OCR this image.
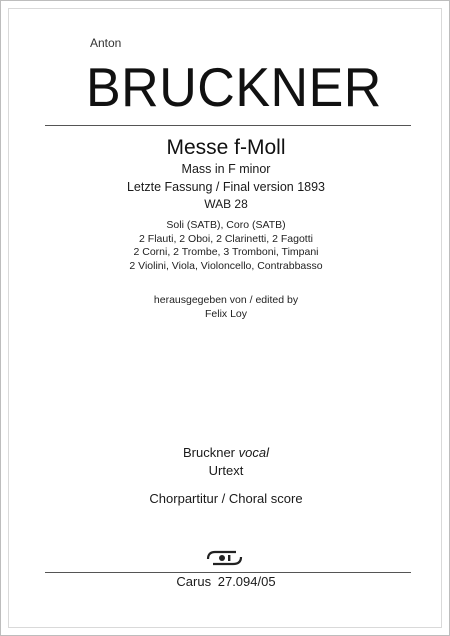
Anton

BRUCKNER

Messe f-Moll

Mass in F minor

Letzte Fassung / Final version 1893

WAB 28

Soli (SATB), Coro (SATB)
2 Flauti, 2 Oboi, 2 Clarinetti, 2 Fagotti
2 Corni, 2 Trombe, 3 Tromboni, Timpani
2 Violini, Viola, Violoncello, Contrabbasso
herausgegeben von / edited by
Felix Loy

Bruckner vocal

Urtext

Chorpartitur / Choral score

Carus 27.094/05
